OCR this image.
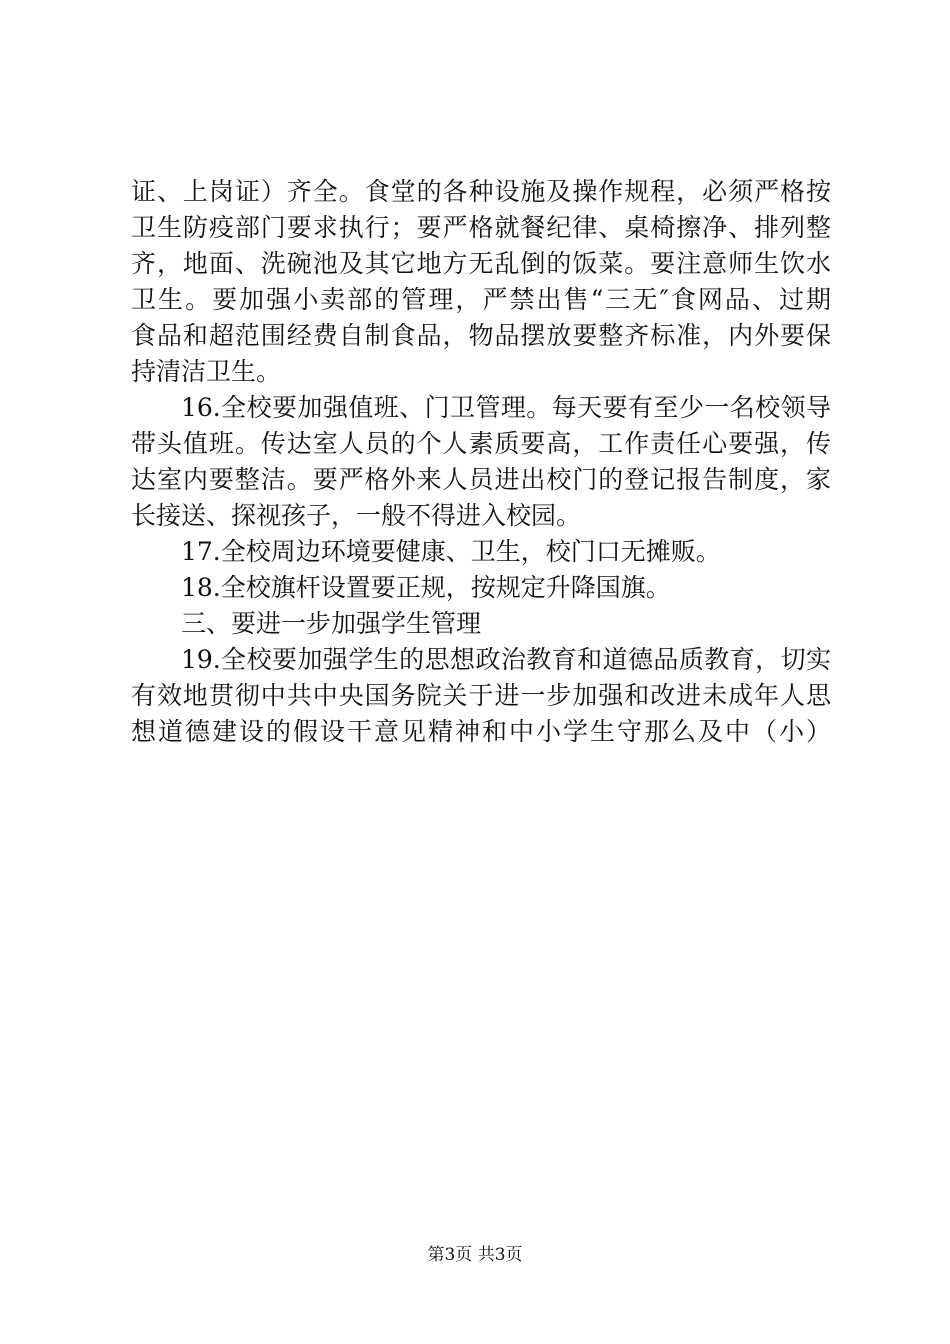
证、上岗证）齐全。食堂的各种设施及操作规程，必须严格按
卫生防疫部门要求执行；要严格就餐纪律、桌椅擦净、排列整
齐，地面、洗碗池及其它地方无乱倒的饭菜。要注意师生饮水
卫生。要加强小卖部的管理，严禁出售“三无″食网品、过期
食品和超范围经费自制食品，物品摆放要整齐标准，内外要保
持清洁卫生。
16.全校要加强值班、门卫管理。每天要有至少一名校领导
带头值班。传达室人员的个人素质要高，工作责任心要强，传
达室内要整洁。要严格外来人员进出校门的登记报告制度，家
长接送、探视孩子，一般不得进入校园。
17.全校周边环境要健康、卫生，校门口无摊贩。
18.全校旗杆设置要正规，按规定升降国旗。
三、要进一步加强学生管理
19.全校要加强学生的思想政治教育和道德品质教育，切实
有效地贯彻中共中央国务院关于进一步加强和改进未成年人思
想道德建设的假设干意见精神和中小学生守那么及中（小）
第3页 共3页
